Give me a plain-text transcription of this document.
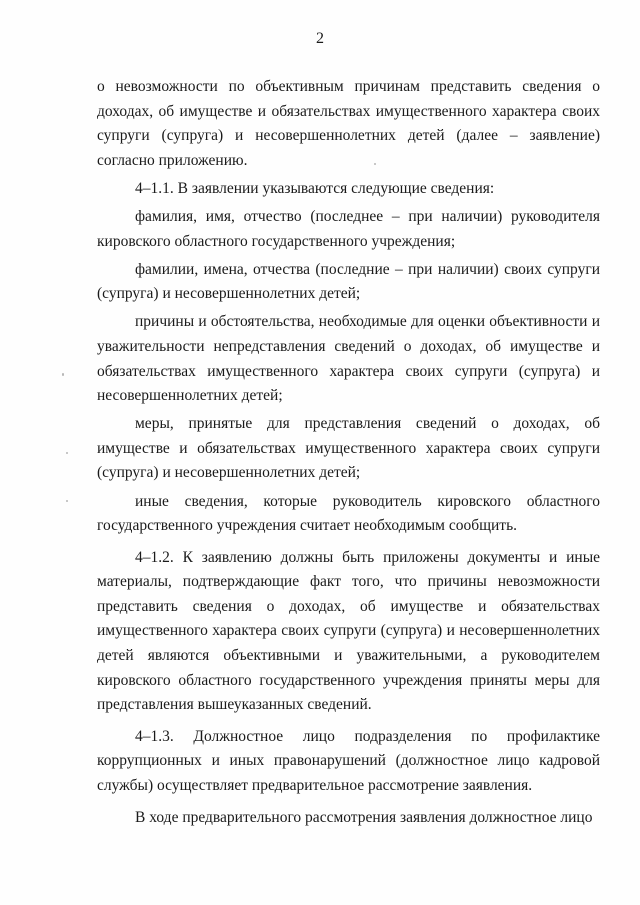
2

о невозможности по объективным причинам представить сведения о доходах, об имуществе и обязательствах имущественного характера своих супруги (супруга) и несовершеннолетних детей (далее – заявление) согласно приложению.

4–1.1. В заявлении указываются следующие сведения:

фамилия, имя, отчество (последнее – при наличии) руководителя кировского областного государственного учреждения;

фамилии, имена, отчества (последние – при наличии) своих супруги (супруга) и несовершеннолетних детей;

причины и обстоятельства, необходимые для оценки объективности и уважительности непредставления сведений о доходах, об имуществе и обязательствах имущественного характера своих супруги (супруга) и несовершеннолетних детей;

меры, принятые для представления сведений о доходах, об имуществе и обязательствах имущественного характера своих супруги (супруга) и несовершеннолетних детей;

иные сведения, которые руководитель кировского областного государственного учреждения считает необходимым сообщить.

4–1.2. К заявлению должны быть приложены документы и иные материалы, подтверждающие факт того, что причины невозможности представить сведения о доходах, об имуществе и обязательствах имущественного характера своих супруги (супруга) и несовершеннолетних детей являются объективными и уважительными, а руководителем кировского областного государственного учреждения приняты меры для представления вышеуказанных сведений.

4–1.3. Должностное лицо подразделения по профилактике коррупционных и иных правонарушений (должностное лицо кадровой службы) осуществляет предварительное рассмотрение заявления.

В ходе предварительного рассмотрения заявления должностное лицо
